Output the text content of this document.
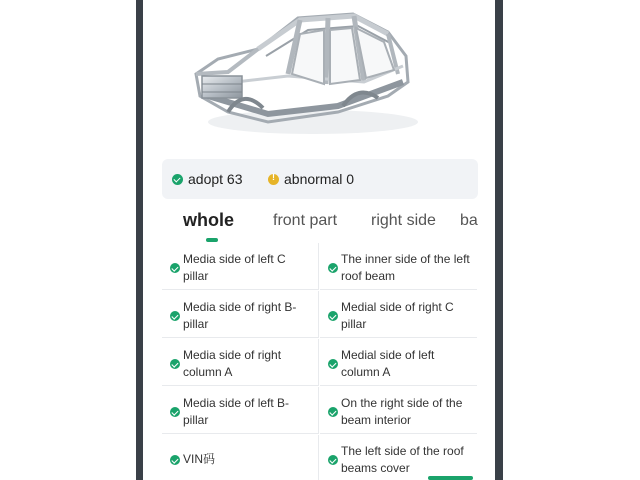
adopt 63
!	abnormal 0
whole front part right side ba
Media side of left C pillar
The inner side of the left roof beam
Media side of right B-pillar
Medial side of right C pillar
Media side of right column A
Medial side of left column A
Media side of left B-pillar
On the right side of the beam interior
VIN码
The left side of the roof beams cover
